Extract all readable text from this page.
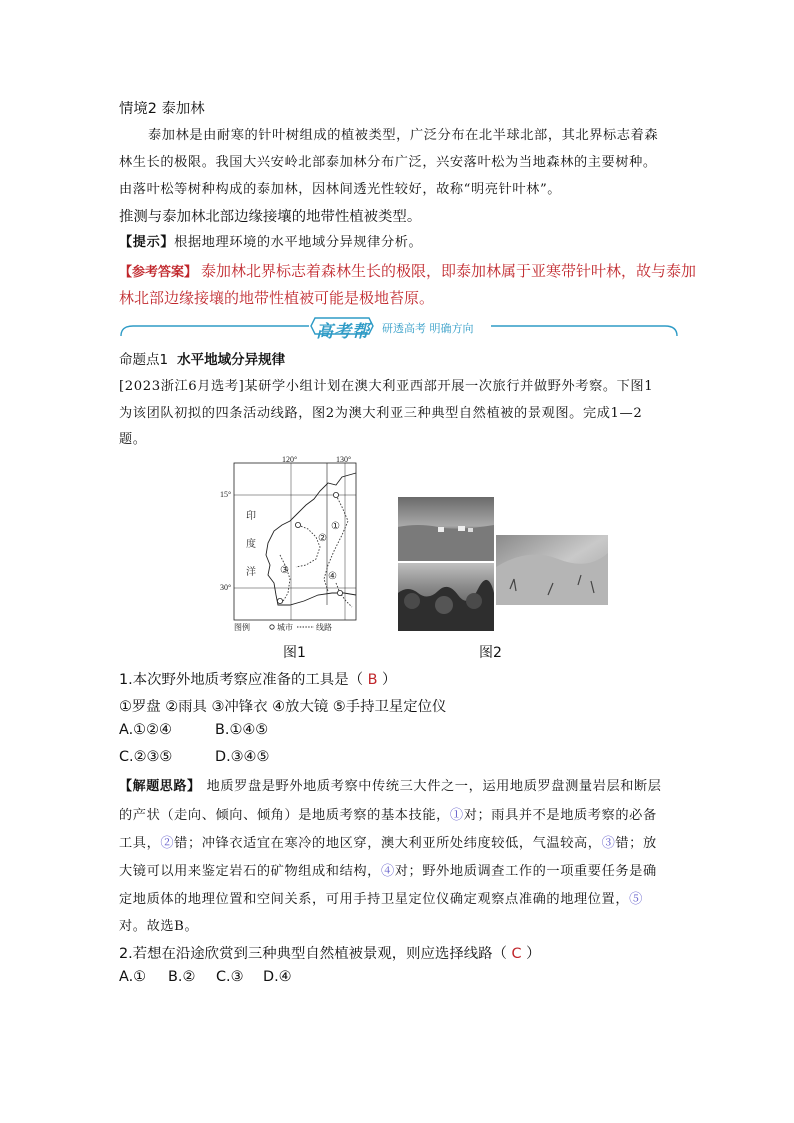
情境2 泰加林
泰加林是由耐寒的针叶树组成的植被类型，广泛分布在北半球北部，其北界标志着森
林生长的极限。我国大兴安岭北部泰加林分布广泛，兴安落叶松为当地森林的主要树种。
由落叶松等树种构成的泰加林，因林间透光性较好，故称“明亮针叶林”。
推测与泰加林北部边缘接壤的地带性植被类型。
【提示】根据地理环境的水平地域分异规律分析。
【参考答案】 泰加林北界标志着森林生长的极限，即泰加林属于亚寒带针叶林，故与泰加
林北部边缘接壤的地带性植被可能是极地苔原。
高考帮 研透高考 明确方向
命题点1 水平地域分异规律
[2023浙江6月选考]某研学小组计划在澳大利亚西部开展一次旅行并做野外考察。下图1
为该团队初拟的四条活动线路，图2为澳大利亚三种典型自然植被的景观图。完成1—2
题。
120°	130°
15°
30°
印
度
洋
①
②
③
④
图例	城市	线路
图1	图2
1.本次野外地质考察应准备的工具是（ B ）
①罗盘 ②雨具 ③冲锋衣 ④放大镜 ⑤手持卫星定位仪
A.①②④	B.①④⑤
C.②③⑤	D.③④⑤
【解题思路】 地质罗盘是野外地质考察中传统三大件之一，运用地质罗盘测量岩层和断层
的产状（走向、倾向、倾角）是地质考察的基本技能，①对；雨具并不是地质考察的必备
工具，②错；冲锋衣适宜在寒冷的地区穿，澳大利亚所处纬度较低，气温较高，③错；放
大镜可以用来鉴定岩石的矿物组成和结构，④对；野外地质调查工作的一项重要任务是确
定地质体的地理位置和空间关系，可用手持卫星定位仪确定观察点准确的地理位置，⑤
对。故选B。
2.若想在沿途欣赏到三种典型自然植被景观，则应选择线路（ C ）
A.① B.② C.③ D.④
